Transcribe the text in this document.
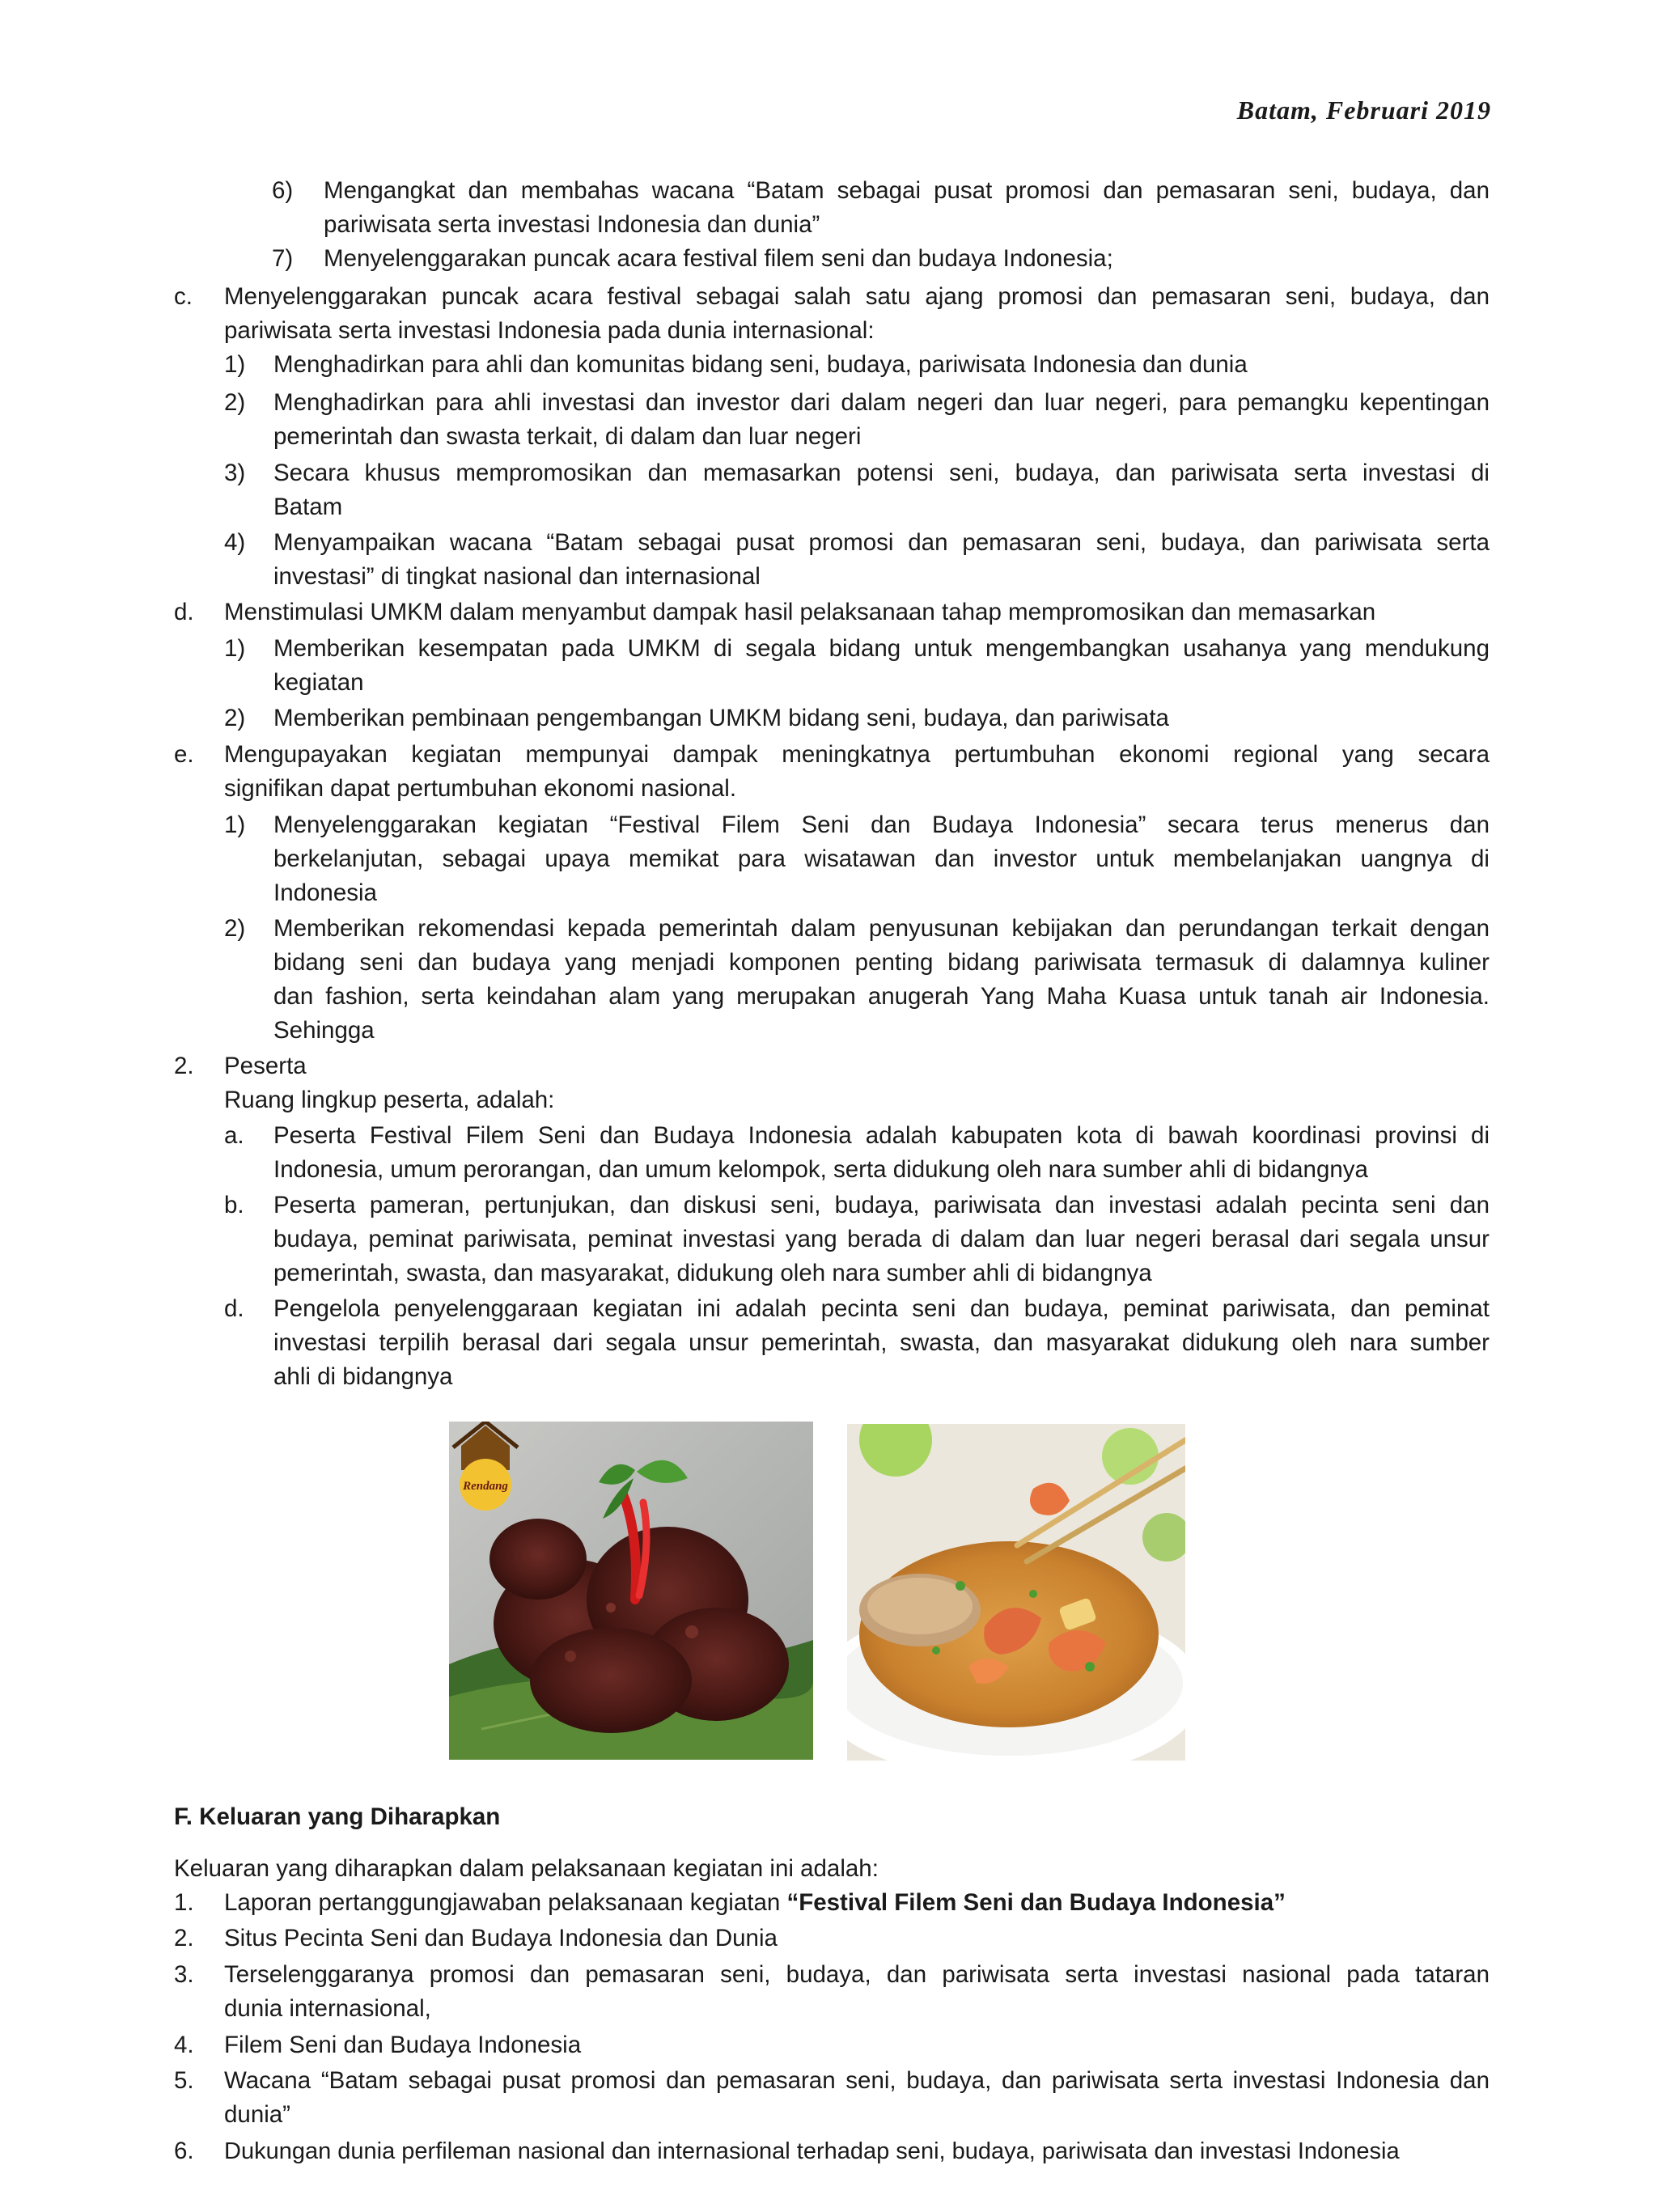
Batam, Februari 2019
6) Mengangkat dan membahas wacana “Batam sebagai pusat promosi dan pemasaran seni, budaya, dan
pariwisata serta investasi Indonesia dan dunia”
7) Menyelenggarakan puncak acara festival filem seni dan budaya Indonesia;
c. Menyelenggarakan puncak acara festival sebagai salah satu ajang promosi dan pemasaran seni, budaya, dan
pariwisata serta investasi Indonesia pada dunia internasional:
1) Menghadirkan para ahli dan komunitas bidang seni, budaya, pariwisata Indonesia dan dunia
2) Menghadirkan para ahli investasi dan investor dari dalam negeri dan luar negeri, para pemangku kepentingan
pemerintah dan swasta terkait, di dalam dan luar negeri
3) Secara khusus mempromosikan dan memasarkan potensi seni, budaya, dan pariwisata serta investasi di
Batam
4) Menyampaikan wacana “Batam sebagai pusat promosi dan pemasaran seni, budaya, dan pariwisata serta
investasi” di tingkat nasional dan internasional
d. Menstimulasi UMKM dalam menyambut dampak hasil pelaksanaan tahap mempromosikan dan memasarkan
1) Memberikan kesempatan pada UMKM di segala bidang untuk mengembangkan usahanya yang mendukung
kegiatan
2) Memberikan pembinaan pengembangan UMKM bidang seni, budaya, dan pariwisata
e. Mengupayakan kegiatan mempunyai dampak meningkatnya pertumbuhan ekonomi regional yang secara
signifikan dapat pertumbuhan ekonomi nasional.
1) Menyelenggarakan kegiatan “Festival Filem Seni dan Budaya Indonesia” secara terus menerus dan
berkelanjutan, sebagai upaya memikat para wisatawan dan investor untuk membelanjakan uangnya di
Indonesia
2) Memberikan rekomendasi kepada pemerintah dalam penyusunan kebijakan dan perundangan terkait dengan
bidang seni dan budaya yang menjadi komponen penting bidang pariwisata termasuk di dalamnya kuliner
dan fashion, serta keindahan alam yang merupakan anugerah Yang Maha Kuasa untuk tanah air Indonesia.
Sehingga
2. Peserta
Ruang lingkup peserta, adalah:
a. Peserta Festival Filem Seni dan Budaya Indonesia adalah kabupaten kota di bawah koordinasi provinsi di
Indonesia, umum perorangan, dan umum kelompok, serta didukung oleh nara sumber ahli di bidangnya
b. Peserta pameran, pertunjukan, dan diskusi seni, budaya, pariwisata dan investasi adalah pecinta seni dan
budaya, peminat pariwisata, peminat investasi yang berada di dalam dan luar negeri berasal dari segala unsur
pemerintah, swasta, dan masyarakat, didukung oleh nara sumber ahli di bidangnya
d. Pengelola penyelenggaraan kegiatan ini adalah pecinta seni dan budaya, peminat pariwisata, dan peminat
investasi terpilih berasal dari segala unsur pemerintah, swasta, dan masyarakat didukung oleh nara sumber
ahli di bidangnya
Rendang
F. Keluaran yang Diharapkan
Keluaran yang diharapkan dalam pelaksanaan kegiatan ini adalah:
1. Laporan pertanggungjawaban pelaksanaan kegiatan “Festival Filem Seni dan Budaya Indonesia”
2. Situs Pecinta Seni dan Budaya Indonesia dan Dunia
3. Terselenggaranya promosi dan pemasaran seni, budaya, dan pariwisata serta investasi nasional pada tataran
dunia internasional,
4. Filem Seni dan Budaya Indonesia
5. Wacana “Batam sebagai pusat promosi dan pemasaran seni, budaya, dan pariwisata serta investasi Indonesia dan
dunia”
6. Dukungan dunia perfileman nasional dan internasional terhadap seni, budaya, pariwisata dan investasi Indonesia
